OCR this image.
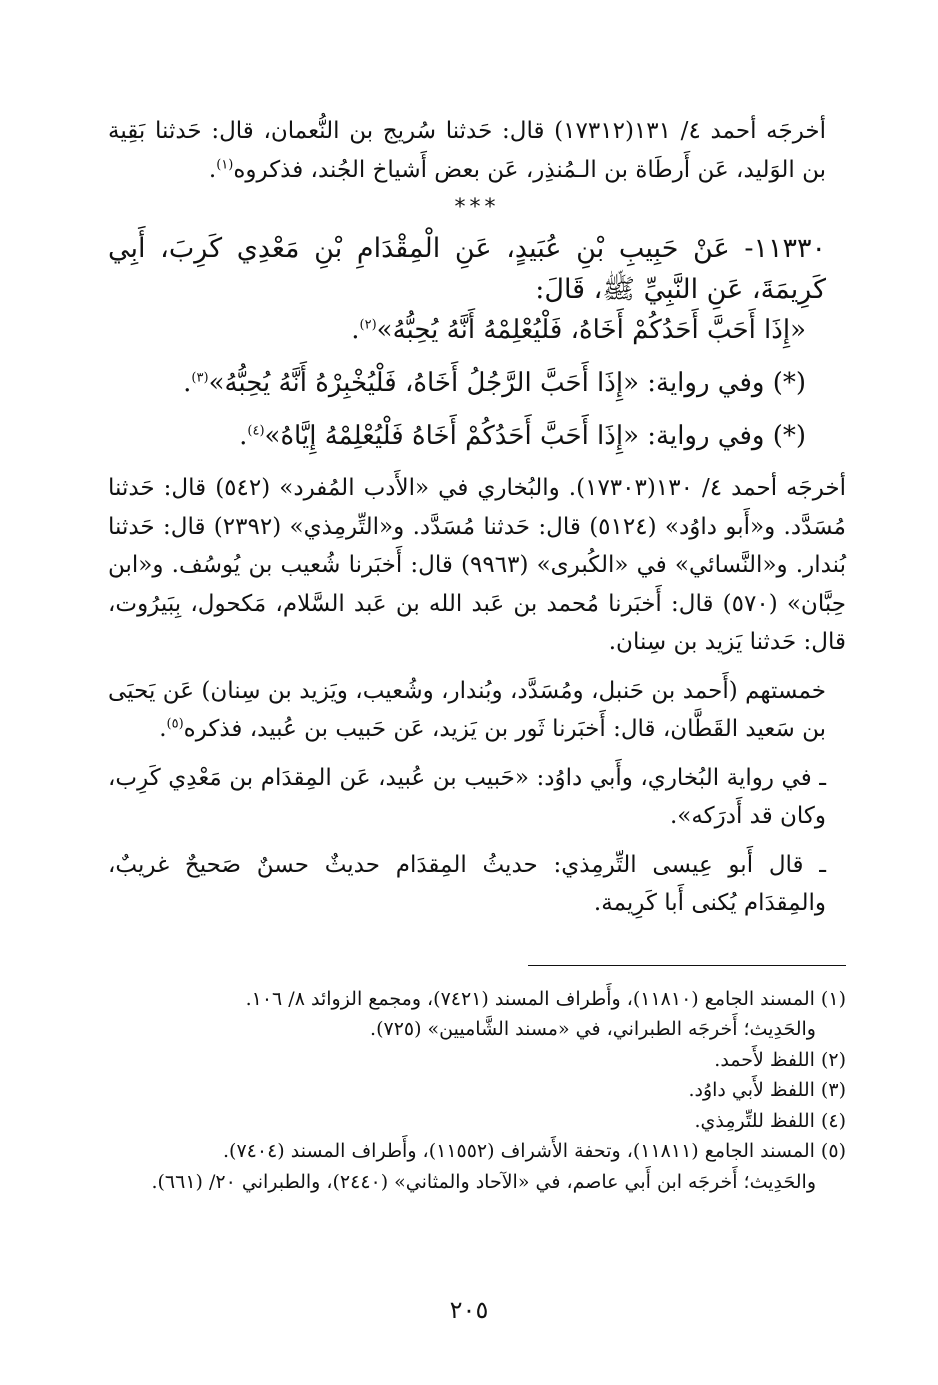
أخرجَه أحمد ٤/ ١٣١(١٧٣١٢) قال: حَدثنا سُريج بن النُّعمان، قال: حَدثنا بَقِية بن الوَليد، عَن أَرطَاة بن الـمُنذِر، عَن بعض أَشياخ الجُند، فذكروه$^{(١)}$.

***

١١٣٣٠- عَنْ حَبِيبِ بْنِ عُبَيدٍ، عَنِ الْمِقْدَامِ بْنِ مَعْدِي كَرِبَ، أَبِي كَرِيمَةَ، عَنِ النَّبِيِّ ﷺ، قَالَ:

«إِذَا أَحَبَّ أَحَدُكُمْ أَخَاهُ، فَلْيُعْلِمْهُ أَنَّهُ يُحِبُّهُ»$^{(٢)}$.

(*) وفي رواية: «إِذَا أَحَبَّ الرَّجُلُ أَخَاهُ، فَلْيُخْبِرْهُ أَنَّهُ يُحِبُّهُ»$^{(٣)}$.

(*) وفي رواية: «إِذَا أَحَبَّ أَحَدُكُمْ أَخَاهُ فَلْيُعْلِمْهُ إِيَّاهُ»$^{(٤)}$.

أخرجَه أحمد ٤/ ١٣٠(١٧٣٠٣). والبُخاري في «الأَدب المُفرد» (٥٤٢) قال: حَدثنا مُسَدَّد. و«أَبو داوُد» (٥١٢٤) قال: حَدثنا مُسَدَّد. و«التِّرمِذي» (٢٣٩٢) قال: حَدثنا بُندار. و«النَّسائي» في «الكُبرى» (٩٩٦٣) قال: أَخبَرنا شُعيب بن يُوسُف. و«ابن حِبَّان» (٥٧٠) قال: أَخبَرنا مُحمد بن عَبد الله بن عَبد السَّلام، مَكحول، بِبَيرُوت، قال: حَدثنا يَزيد بن سِنان.

خمستهم (أَحمد بن حَنبل، ومُسَدَّد، وبُندار، وشُعيب، ويَزيد بن سِنان) عَن يَحيَى بن سَعيد القَطَّان، قال: أَخبَرنا ثَور بن يَزيد، عَن حَبيب بن عُبيد، فذكره$^{(٥)}$.

ـ في رواية البُخاري، وأَبي داوُد: «حَبيب بن عُبيد، عَن المِقدَام بن مَعْدِي كَرِب، وكان قد أَدرَكه».

ـ قال أَبو عِيسى التِّرمِذي: حديثُ المِقدَام حديثٌ حسنٌ صَحيحٌ غريبٌ، والمِقدَام يُكنى أَبا كَرِيمة.

(١) المسند الجامع (١١٨١٠)، وأَطراف المسند (٧٤٢١)، ومجمع الزوائد ٨/ ١٠٦.

والحَدِيث؛ أَخرجَه الطبراني، في «مسند الشَّاميين» (٧٢٥).

(٢) اللفظ لأَحمد.

(٣) اللفظ لأَبي داوُد.

(٤) اللفظ للتِّرمِذي.

(٥) المسند الجامع (١١٨١١)، وتحفة الأَشراف (١١٥٥٢)، وأَطراف المسند (٧٤٠٤).

والحَدِيث؛ أَخرجَه ابن أَبي عاصم، في «الآحاد والمثاني» (٢٤٤٠)، والطبراني ٢٠/ (٦٦١).

٢٠٥
